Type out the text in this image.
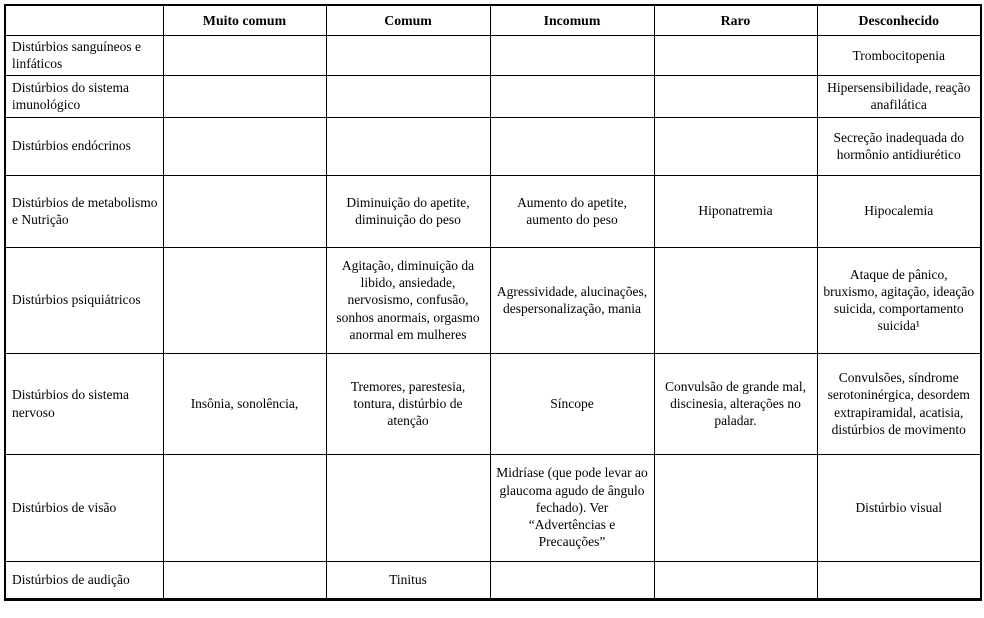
	Muito comum	Comum	Incomum	Raro	Desconhecido
Distúrbios sanguíneos e linfáticos					Trombocitopenia
Distúrbios do sistema imunológico					Hipersensibilidade, reação anafilática
Distúrbios endócrinos					Secreção inadequada do hormônio antidiurético
Distúrbios de metabolismo e Nutrição		Diminuição do apetite, diminuição do peso	Aumento do apetite, aumento do peso	Hiponatremia	Hipocalemia
Distúrbios psiquiátricos		Agitação, diminuição da libido, ansiedade, nervosismo, confusão, sonhos anormais, orgasmo anormal em mulheres	Agressividade, alucinações, despersonalização, mania		Ataque de pânico, bruxismo, agitação, ideação suicida, comportamento suicida¹
Distúrbios do sistema nervoso	Insônia, sonolência,	Tremores, parestesia, tontura, distúrbio de atenção	Síncope	Convulsão de grande mal, discinesia, alterações no paladar.	Convulsões, síndrome serotoninérgica, desordem extrapiramidal, acatisia, distúrbios de movimento
Distúrbios de visão			Midríase (que pode levar ao glaucoma agudo de ângulo fechado). Ver “Advertências e Precauções”		Distúrbio visual
Distúrbios de audição		Tinitus			
